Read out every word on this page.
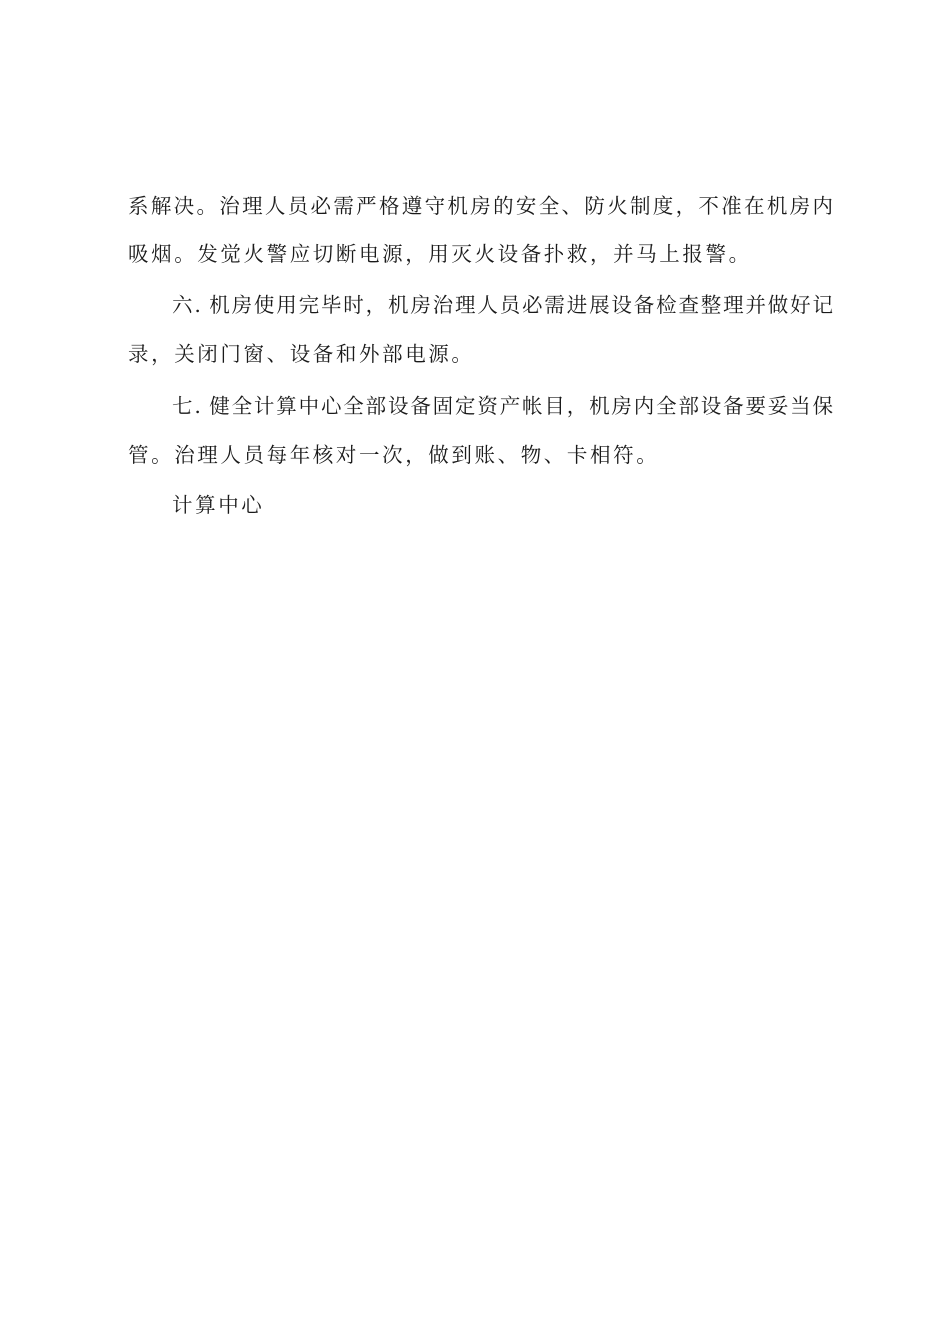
系解决。治理人员必需严格遵守机房的安全、防火制度，不准在机房内
吸烟。发觉火警应切断电源，用灭火设备扑救，并马上报警。
六. 机房使用完毕时，机房治理人员必需进展设备检查整理并做好记
录，关闭门窗、设备和外部电源。
七. 健全计算中心全部设备固定资产帐目，机房内全部设备要妥当保
管。治理人员每年核对一次，做到账、物、卡相符。
计算中心
